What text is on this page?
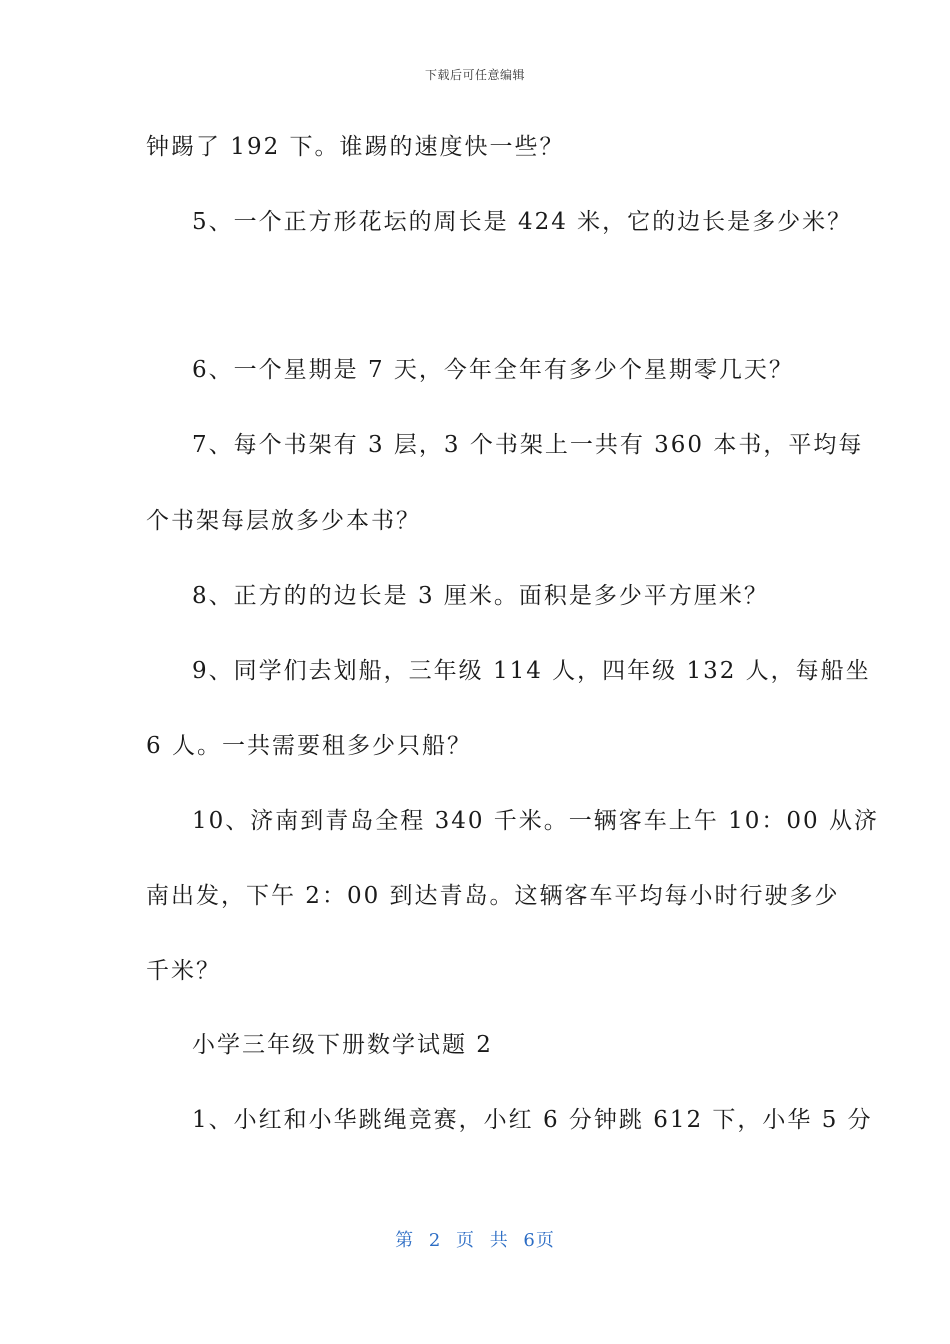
下载后可任意编辑
钟踢了 192 下。谁踢的速度快一些？
5、一个正方形花坛的周长是 424 米，它的边长是多少米？
6、一个星期是 7 天，今年全年有多少个星期零几天？
7、每个书架有 3 层，3 个书架上一共有 360 本书，平均每
个书架每层放多少本书？
8、正方的的边长是 3 厘米。面积是多少平方厘米？
9、同学们去划船，三年级 114 人，四年级 132 人，每船坐
6 人。一共需要租多少只船？
10、济南到青岛全程 340 千米。一辆客车上午 10：00 从济
南出发，下午 2：00 到达青岛。这辆客车平均每小时行驶多少
千米？
小学三年级下册数学试题 2
1、小红和小华跳绳竞赛，小红 6 分钟跳 612 下，小华 5 分
第 2 页 共 6页
